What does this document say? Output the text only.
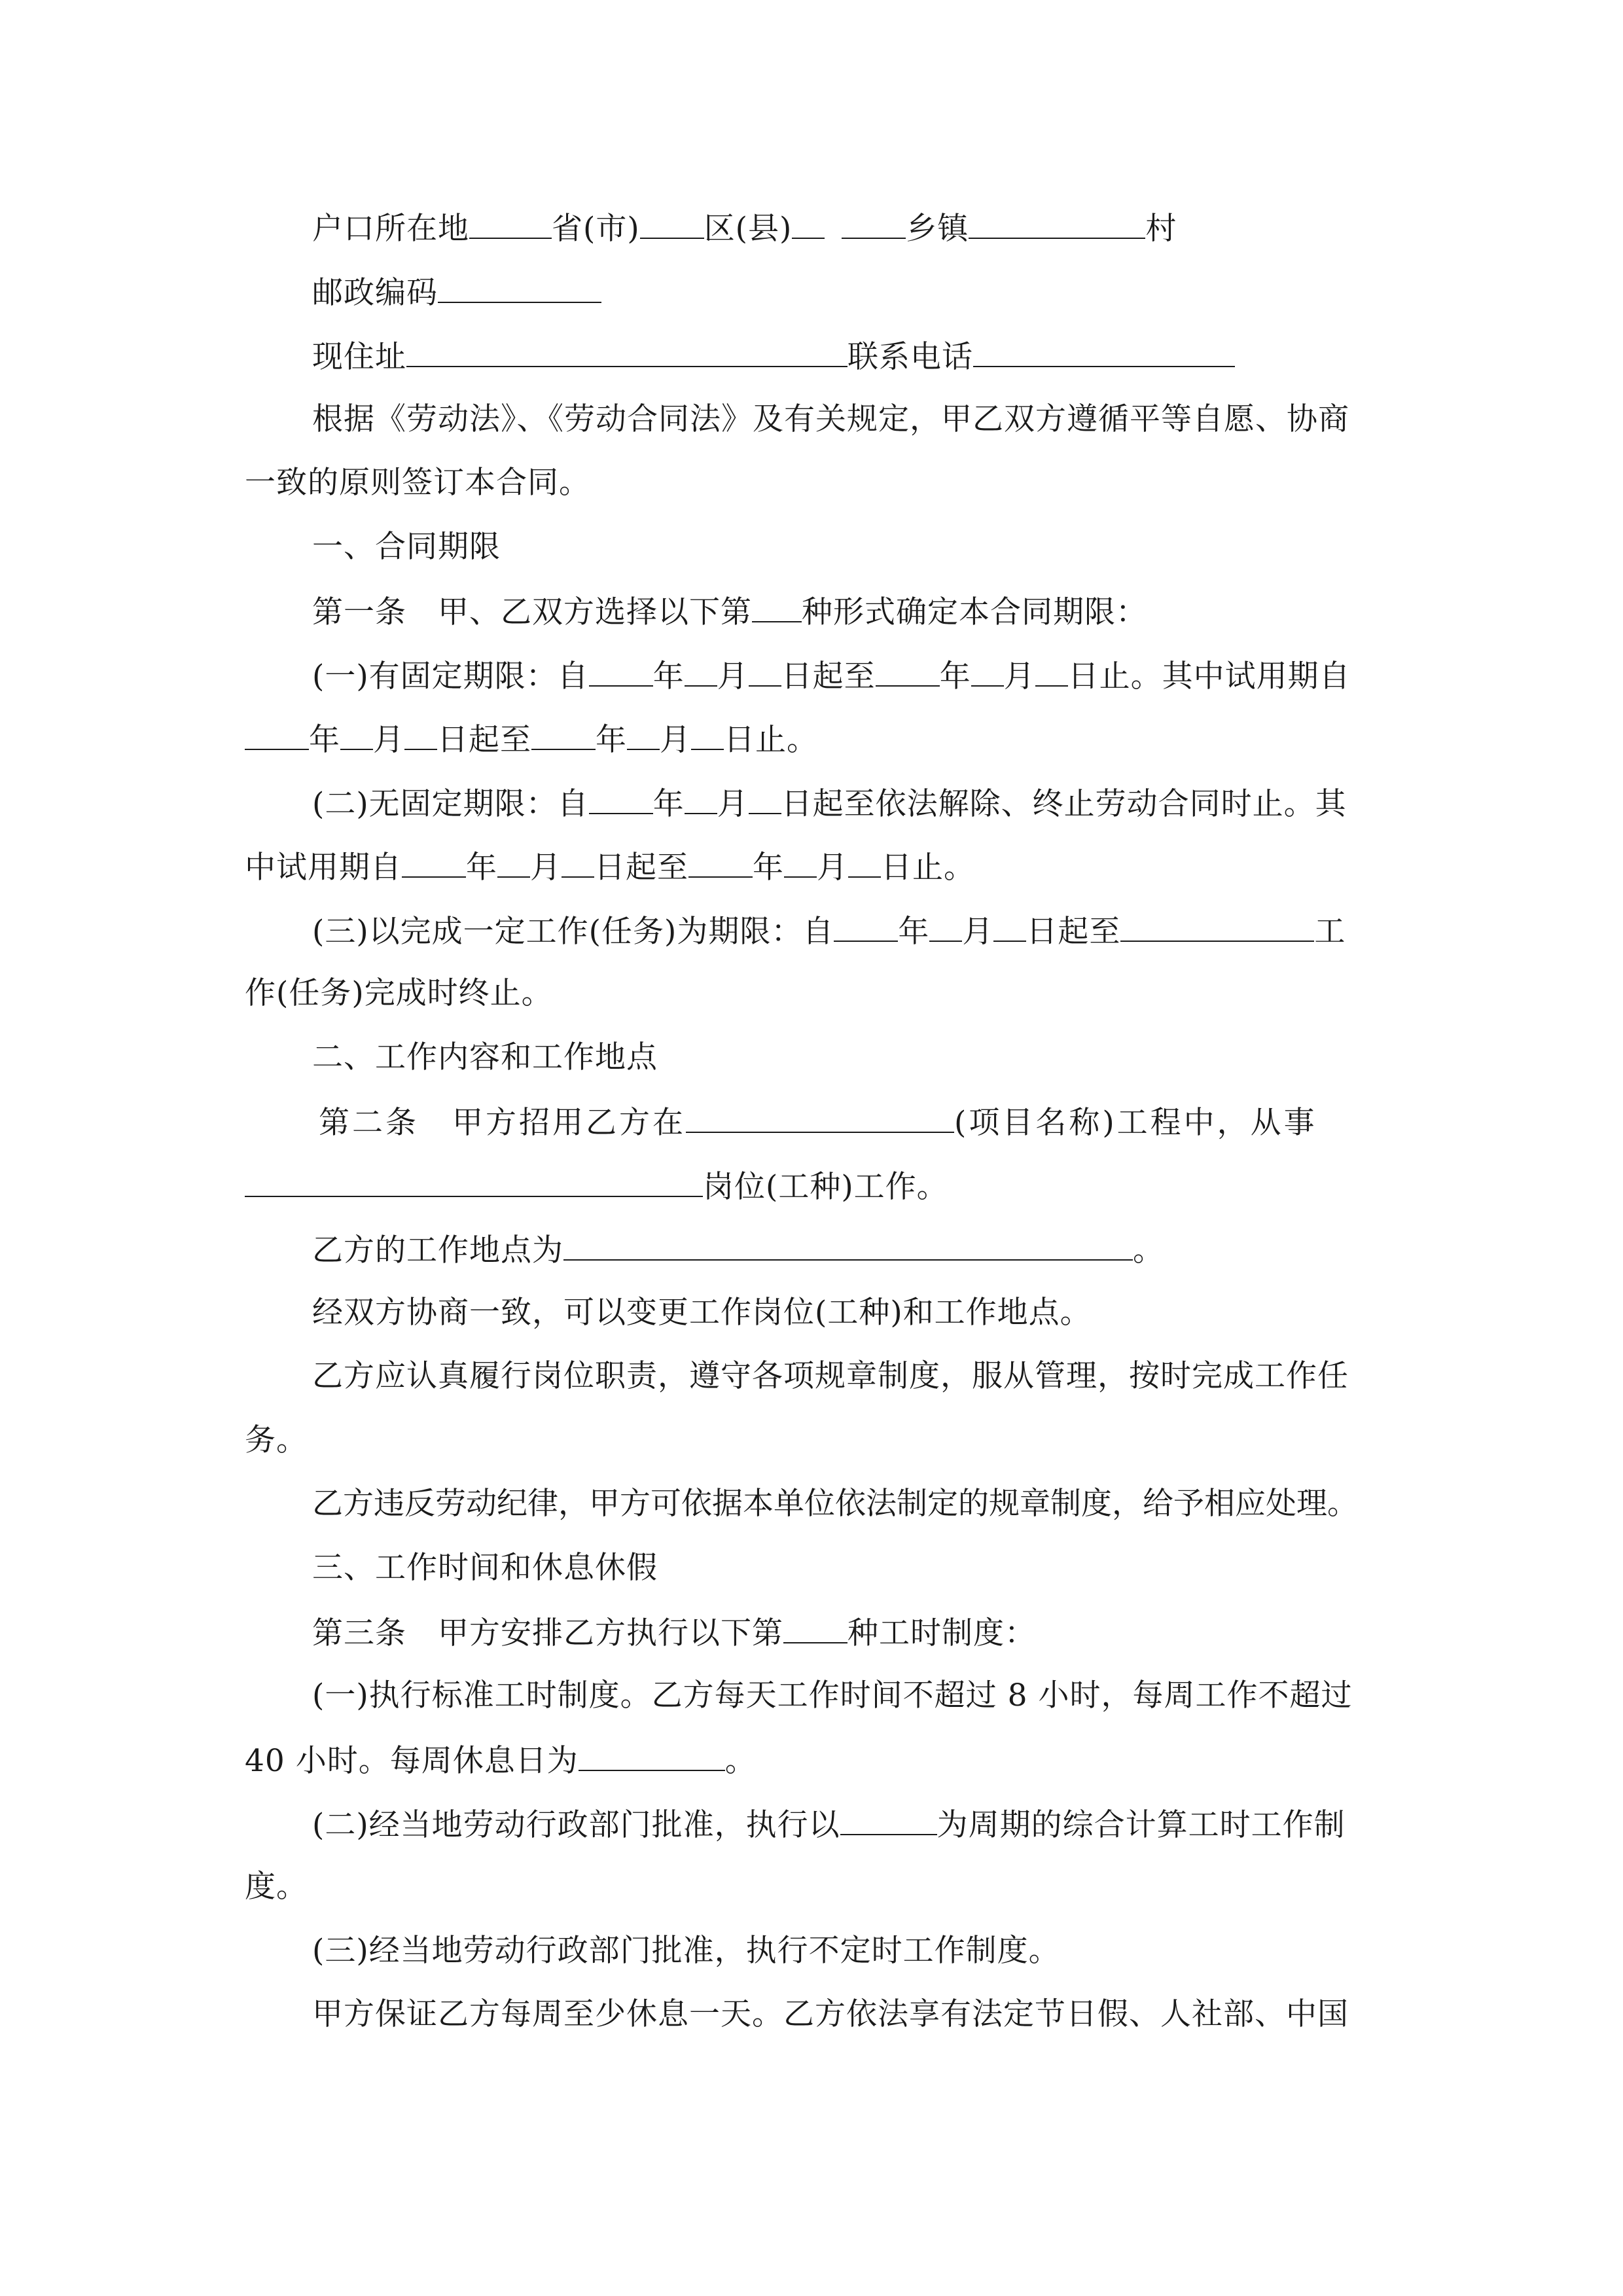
户口所在地	省(市) 区(县)	乡镇	村
邮政编码
现住址	联系电话
根据《劳动法》、《劳动合同法》及有关规定，甲乙双方遵循平等自愿、协商
一致的原则签订本合同。
一、合同期限
第一条　甲、乙双方选择以下第 种形式确定本合同期限：
(一)有固定期限：自 年 月 日起至 年 月 日止。其中试用期自
年 月 日起至 年 月 日止。
(二)无固定期限：自 年 月 日起至依法解除、终止劳动合同时止。其
中试用期自 年 月 日起至 年 月 日止。
(三)以完成一定工作(任务)为期限：自 年 月 日起至	工
作(任务)完成时终止。
二、工作内容和工作地点
第二条　甲方招用乙方在	(项目名称)工程中，从事
岗位(工种)工作。
乙方的工作地点为	。
经双方协商一致，可以变更工作岗位(工种)和工作地点。
乙方应认真履行岗位职责，遵守各项规章制度，服从管理，按时完成工作任
务。
乙方违反劳动纪律，甲方可依据本单位依法制定的规章制度，给予相应处理。
三、工作时间和休息休假
第三条　甲方安排乙方执行以下第 种工时制度：
(一)执行标准工时制度。乙方每天工作时间不超过 8 小时，每周工作不超过
40 小时。每周休息日为	。
(二)经当地劳动行政部门批准，执行以	为周期的综合计算工时工作制
度。
(三)经当地劳动行政部门批准，执行不定时工作制度。
甲方保证乙方每周至少休息一天。乙方依法享有法定节日假、人社部、中国
